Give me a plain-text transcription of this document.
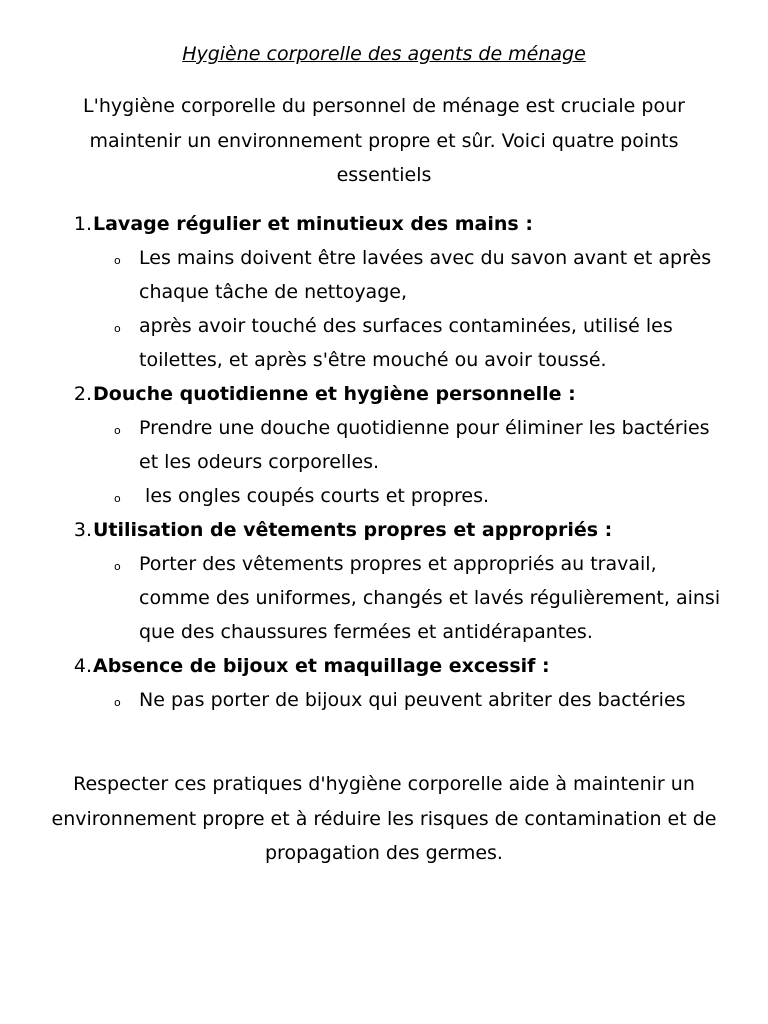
Hygiène corporelle des agents de ménage
L'hygiène corporelle du personnel de ménage est cruciale pour maintenir un environnement propre et sûr. Voici quatre points essentiels
1. Lavage régulier et minutieux des mains :
o Les mains doivent être lavées avec du savon avant et après chaque tâche de nettoyage,
o après avoir touché des surfaces contaminées, utilisé les toilettes, et après s'être mouché ou avoir toussé.
2. Douche quotidienne et hygiène personnelle :
o Prendre une douche quotidienne pour éliminer les bactéries et les odeurs corporelles.
o les ongles coupés courts et propres.
3. Utilisation de vêtements propres et appropriés :
o Porter des vêtements propres et appropriés au travail, comme des uniformes, changés et lavés régulièrement, ainsi que des chaussures fermées et antidérapantes.
4. Absence de bijoux et maquillage excessif :
o Ne pas porter de bijoux qui peuvent abriter des bactéries
Respecter ces pratiques d'hygiène corporelle aide à maintenir un environnement propre et à réduire les risques de contamination et de propagation des germes.
